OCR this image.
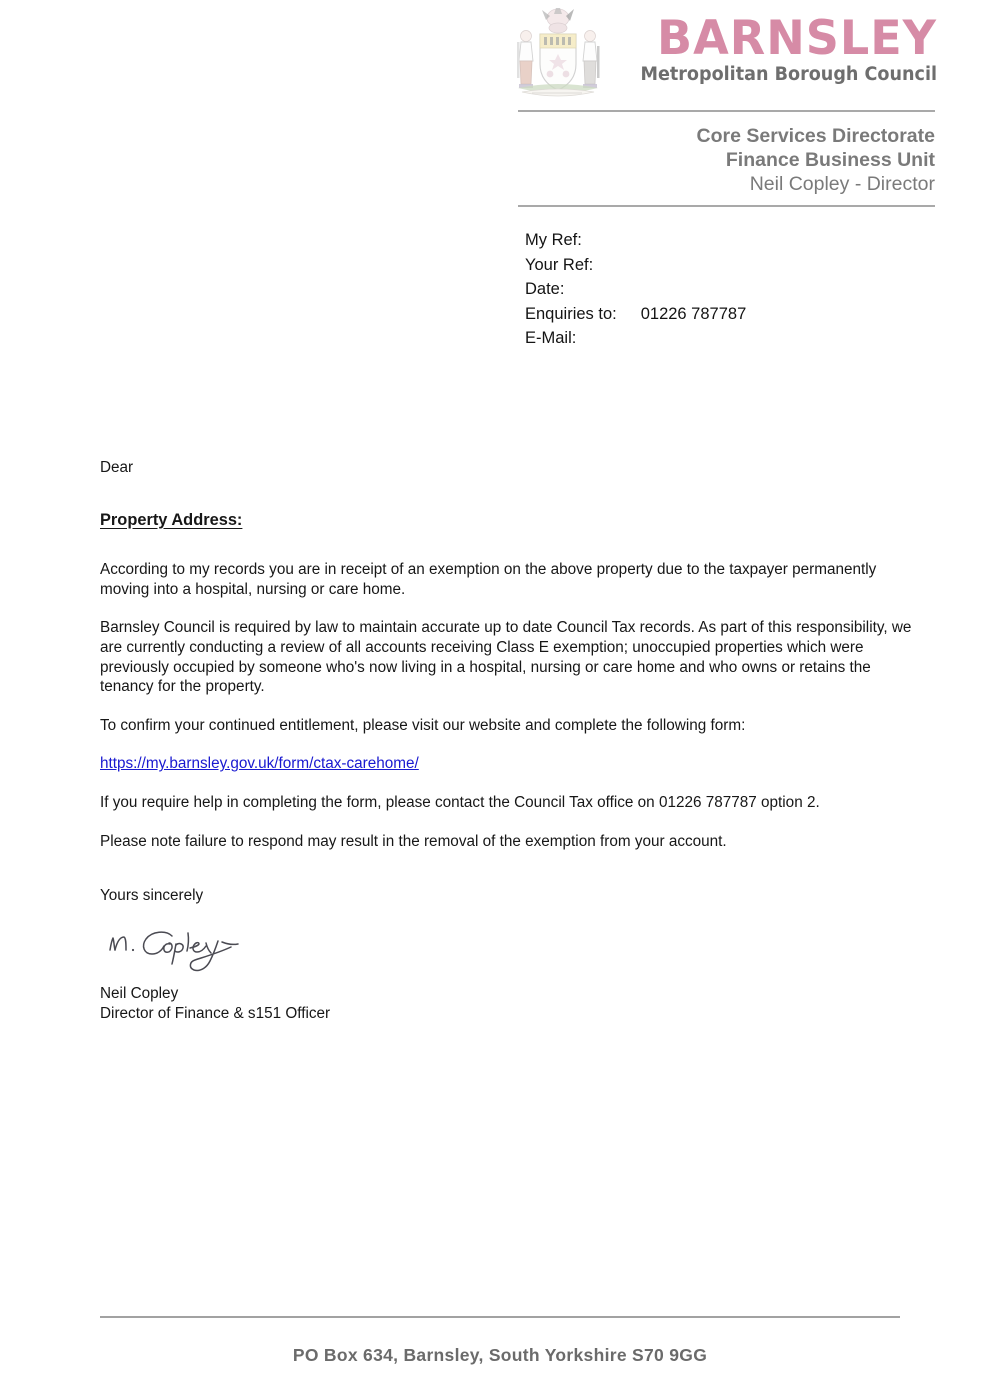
BARNSLEY
Metropolitan Borough Council
Core Services Directorate
Finance Business Unit
Neil Copley - Director
My Ref:
Your Ref:
Date:
Enquiries to: 01226 787787
E-Mail:

Dear

Property Address:

According to my records you are in receipt of an exemption on the above property due to the taxpayer permanently moving into a hospital, nursing or care home.

Barnsley Council is required by law to maintain accurate up to date Council Tax records. As part of this responsibility, we are currently conducting a review of all accounts receiving Class E exemption; unoccupied properties which were previously occupied by someone who's now living in a hospital, nursing or care home and who owns or retains the tenancy for the property.

To confirm your continued entitlement, please visit our website and complete the following form:

https://my.barnsley.gov.uk/form/ctax-carehome/

If you require help in completing the form, please contact the Council Tax office on 01226 787787 option 2.

Please note failure to respond may result in the removal of the exemption from your account.

Yours sincerely

Neil Copley
Director of Finance & s151 Officer
PO Box 634, Barnsley, South Yorkshire S70 9GG
